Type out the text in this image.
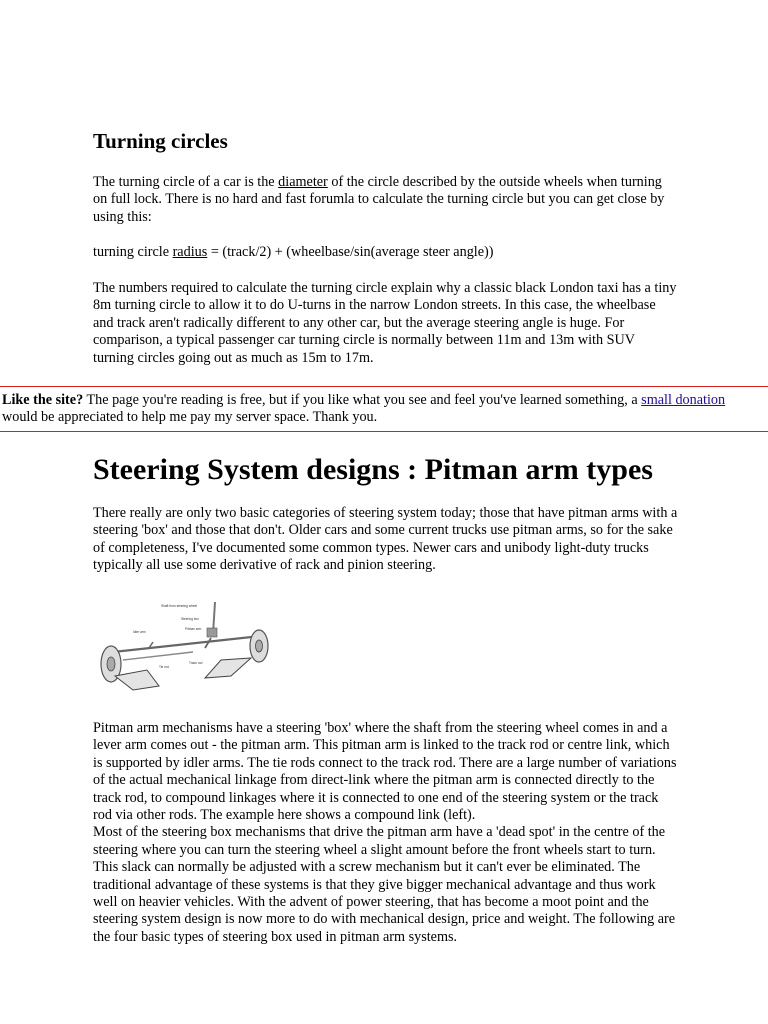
Turning circles

The turning circle of a car is the diameter of the circle described by the outside wheels when turning on full lock. There is no hard and fast forumla to calculate the turning circle but you can get close by using this:

turning circle radius = (track/2) + (wheelbase/sin(average steer angle))

The numbers required to calculate the turning circle explain why a classic black London taxi has a tiny 8m turning circle to allow it to do U-turns in the narrow London streets. In this case, the wheelbase and track aren't radically different to any other car, but the average steering angle is huge. For comparison, a typical passenger car turning circle is normally between 11m and 13m with SUV turning circles going out as much as 15m to 17m.

Like the site? The page you're reading is free, but if you like what you see and feel you've learned something, a small donation would be appreciated to help me pay my server space. Thank you.

Steering System designs : Pitman arm types

There really are only two basic categories of steering system today; those that have pitman arms with a steering 'box' and those that don't. Older cars and some current trucks use pitman arms, so for the sake of completeness, I've documented some common types. Newer cars and unibody light-duty trucks typically all use some derivative of rack and pinion steering.

Shaft from steering wheel
Steering box
Pitman arm
Idler arm
Tie rod
Track rod

Pitman arm mechanisms have a steering 'box' where the shaft from the steering wheel comes in and a lever arm comes out - the pitman arm. This pitman arm is linked to the track rod or centre link, which is supported by idler arms. The tie rods connect to the track rod. There are a large number of variations of the actual mechanical linkage from direct-link where the pitman arm is connected directly to the track rod, to compound linkages where it is connected to one end of the steering system or the track rod via other rods. The example here shows a compound link (left).

Most of the steering box mechanisms that drive the pitman arm have a 'dead spot' in the centre of the steering where you can turn the steering wheel a slight amount before the front wheels start to turn. This slack can normally be adjusted with a screw mechanism but it can't ever be eliminated. The traditional advantage of these systems is that they give bigger mechanical advantage and thus work well on heavier vehicles. With the advent of power steering, that has become a moot point and the steering system design is now more to do with mechanical design, price and weight. The following are the four basic types of steering box used in pitman arm systems.
